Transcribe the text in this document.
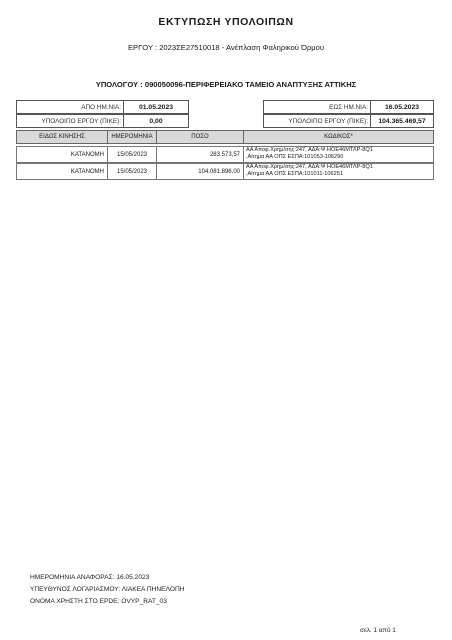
ΕΚΤΥΠΩΣΗ ΥΠΟΛΟΙΠΩΝ
ΕΡΓΟΥ : 2023ΣΕ27510018 - Ανέπλαση Φαληρικού Όρμου
ΥΠΟΛΟΓΟΥ : 090050096-ΠΕΡΙΦΕΡΕΙΑΚΟ ΤΑΜΕΙΟ ΑΝΑΠΤΥΞΗΣ ΑΤΤΙΚΗΣ
ΑΠΟ ΗΜ.ΝΙΑ:	01.05.2023	ΕΩΣ ΗΜ.ΝΙΑ:	16.05.2023
ΥΠΟΛΟΙΠΟ ΕΡΓΟΥ (ΠΙΚΕ):	0,00	ΥΠΟΛΟΙΠΟ ΕΡΓΟΥ (ΠΙΚΕ):	104.365.469,57
ΕΙΔΟΣ ΚΙΝΗΣΗΣ	ΗΜΕΡΟΜΗΝΙΑ	ΠΟΣΟ	ΚΩΔΙΚΟΣ*
ΚΑΤΑΝΟΜΗ	15/05/2023	283.573,57
ΑΑ Αποφ.Χρημ/σης:247, ΑΔΑ:Ψ ΗΟΕ46ΜΤΛΡ-8Q1
,Αίτημα ΑΑ ΟΠΣ ΕΣΠΑ:101053-106290
ΚΑΤΑΝΟΜΗ	15/05/2023	104.081.896,00
ΑΑ Αποφ.Χρημ/σης:247, ΑΔΑ:Ψ ΗΟΕ46ΜΤΛΡ-8Q1
,Αίτημα ΑΑ ΟΠΣ ΕΣΠΑ:101011-106251
ΗΜΕΡΟΜΗΝΙΑ ΑΝΑΦΟΡΑΣ: 16.05.2023
ΥΠΕΥΘΥΝΟΣ ΛΟΓΑΡΙΑΣΜΟΥ: ΛΙΑΚΕΑ ΠΗΝΕΛΟΠΗ
ΟΝΟΜΑ ΧΡΗΣΤΗ ΣΤΟ ΕΡDΕ: OVYP_RAT_03
σελ. 1 από 1
